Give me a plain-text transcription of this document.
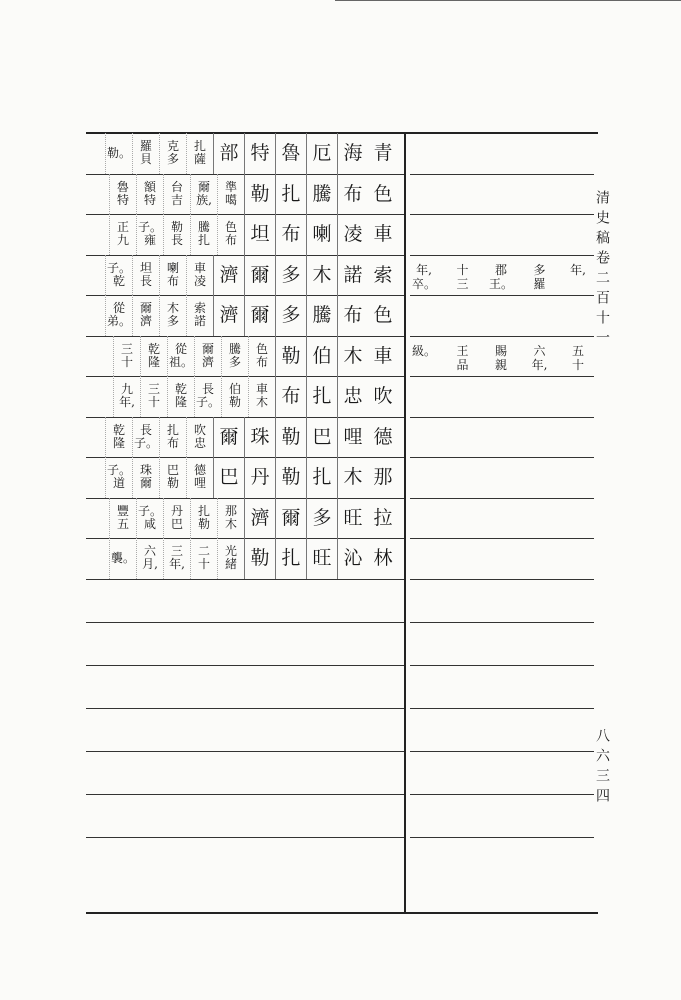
青
海
厄
魯
特
部
扎
薩
克
多
羅
貝
勒。
色
布
騰
扎
勒
準
噶
爾
族,
台
吉
額
特
魯
特
車
凌
喇
布
坦
色
布
騰
扎
勒
長
子。
雍
正
九
索
諾
木
多
爾
濟
車
凌
喇
布
坦
長
子。
乾
色
布
騰
多
爾
濟
索
諾
木
多
爾
濟
從
弟。
車
木
伯
勒
色
布
騰
多
爾
濟
從
祖。
乾
隆
三
十
吹
忠
扎
布
車
木
伯
勒
長
子。
乾
隆
三
十
九
年,
德
哩
巴
勒
珠
爾
吹
忠
扎
布
長
子。
乾
隆
那
木
扎
勒
丹
巴
德
哩
巴
勒
珠
爾
子。
道
拉
旺
多
爾
濟
那
木
扎
勒
丹
巴
子。
咸
豐
五
林
沁
旺
扎
勒
光
緒
二
十
三
年,
六
月,
襲。
年,
多
羅
郡
王。
十
三
年,
卒。
五
十
六
年,
賜
親
王
品
級。
清史稿卷二百十一
八六三四
